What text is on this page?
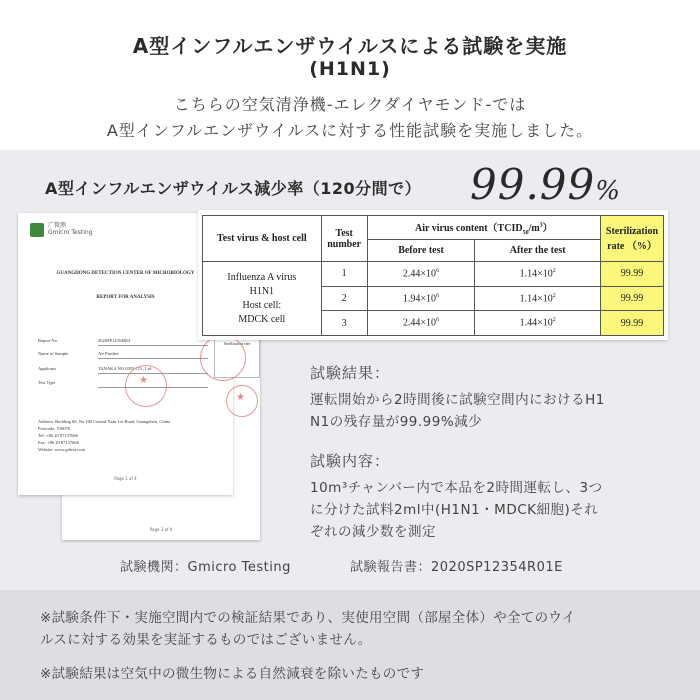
A型インフルエンザウイルスによる試験を実施
(H1N1)
こちらの空気清浄機-エレクダイヤモンド-では
A型インフルエンザウイルスに対する性能試験を実施しました。
A型インフルエンザウイルス減少率（120分間で） 99.99%
Page 3 of 4
广微测
Gmicro Testing
GUANGDONG DETECTION CENTER OF MICROBIOLOGY
REPORT FOR ANALYSIS
Report No.	2020SP12354R01
Name of Sample	Air Purifier
Applicant	TANAKA NO GEN CO., Ltd.
Test Type
Address: Building 66, No.100 Central Xian Lie Road, Guangzhou, China
Postcode: 510070
Tel: +86 20 87137666
Fax: +86 20 87137668
Website: www.gdtest.com
Page 1 of 4
Sterilization rate
★
★
Test virus & host cell	Test number	Air virus $content(TCID_{50}/m^3)$		Sterilization rate （%）
		Before test	After the test	

Influenza A virus
H1N1
Host cell:
MDCK cell	1	$2.44\times 10^6$	$1.14\times 10^2$	99.99
	2	$1.94\times 10^6$	$1.14\times 10^2$	99.99
	3	$2.44\times 10^6$	$1.44\times 10^2$	99.99
試験結果：
運転開始から2時間後に試験空間内におけるH1
N1の残存量が99.99%減少
試験内容：
10m³チャンバー内で本品を2時間運転し、3つ
に分けた試料2ml中(H1N1・MDCK細胞)それ
ぞれの減少数を測定
試験機関：Gmicro Testing	試験報告書：2020SP12354R01E
※試験条件下・実施空間内での検証結果であり、実使用空間（部屋全体）や全てのウイ
ルスに対する効果を実証するものではございません。
※試験結果は空気中の微生物による自然減衰を除いたものです
